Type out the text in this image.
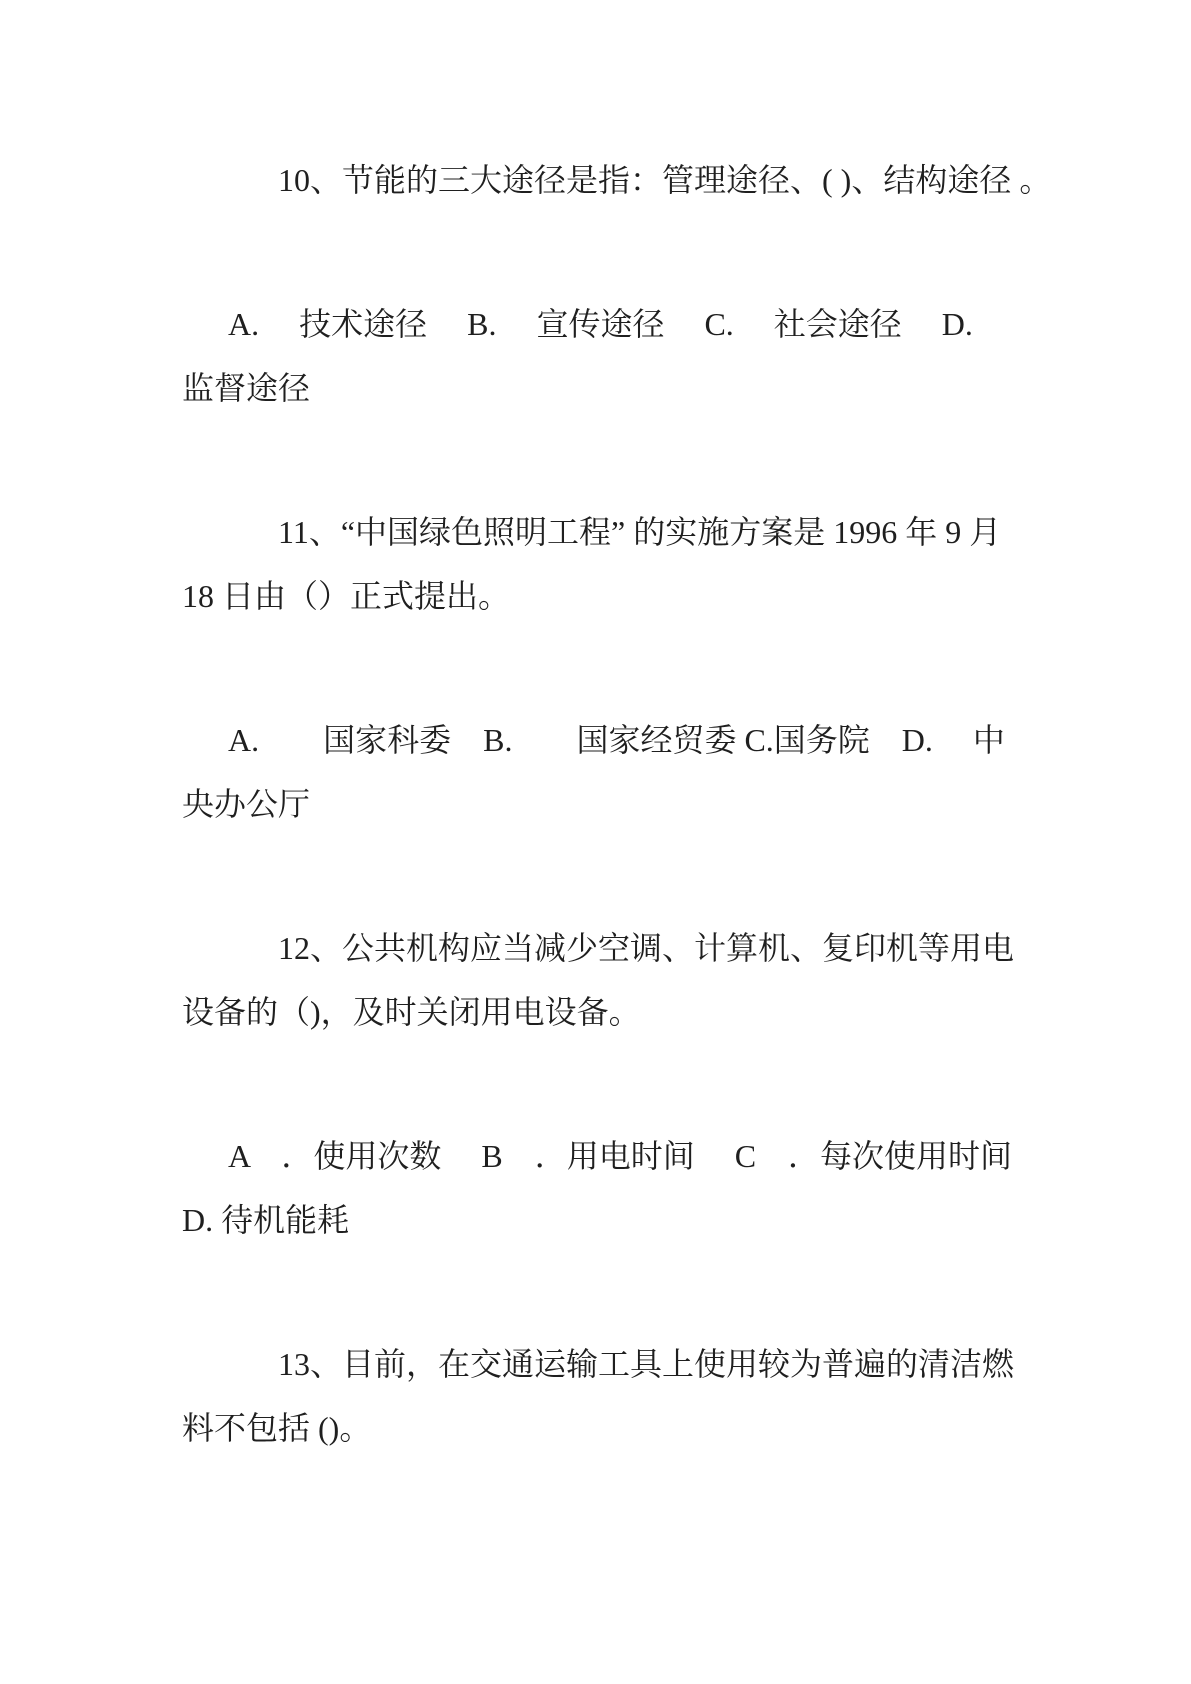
10、节能的三大途径是指：管理途径、( )、结构途径 。
A.　 技术途径　 B.　 宣传途径　 C.　 社会途径　 D.
监督途径
11、“中国绿色照明工程” 的实施方案是 1996 年 9 月
18 日由（）正式提出。
A.　　国家科委　B.　　国家经贸委 C.国务院　D.　 中
央办公厅
12、公共机构应当减少空调、计算机、复印机等用电
设备的（)，及时关闭用电设备。
A　．使用次数　 B　．用电时间　 C　．每次使用时间
D. 待机能耗
13、目前，在交通运输工具上使用较为普遍的清洁燃
料不包括 ()。
